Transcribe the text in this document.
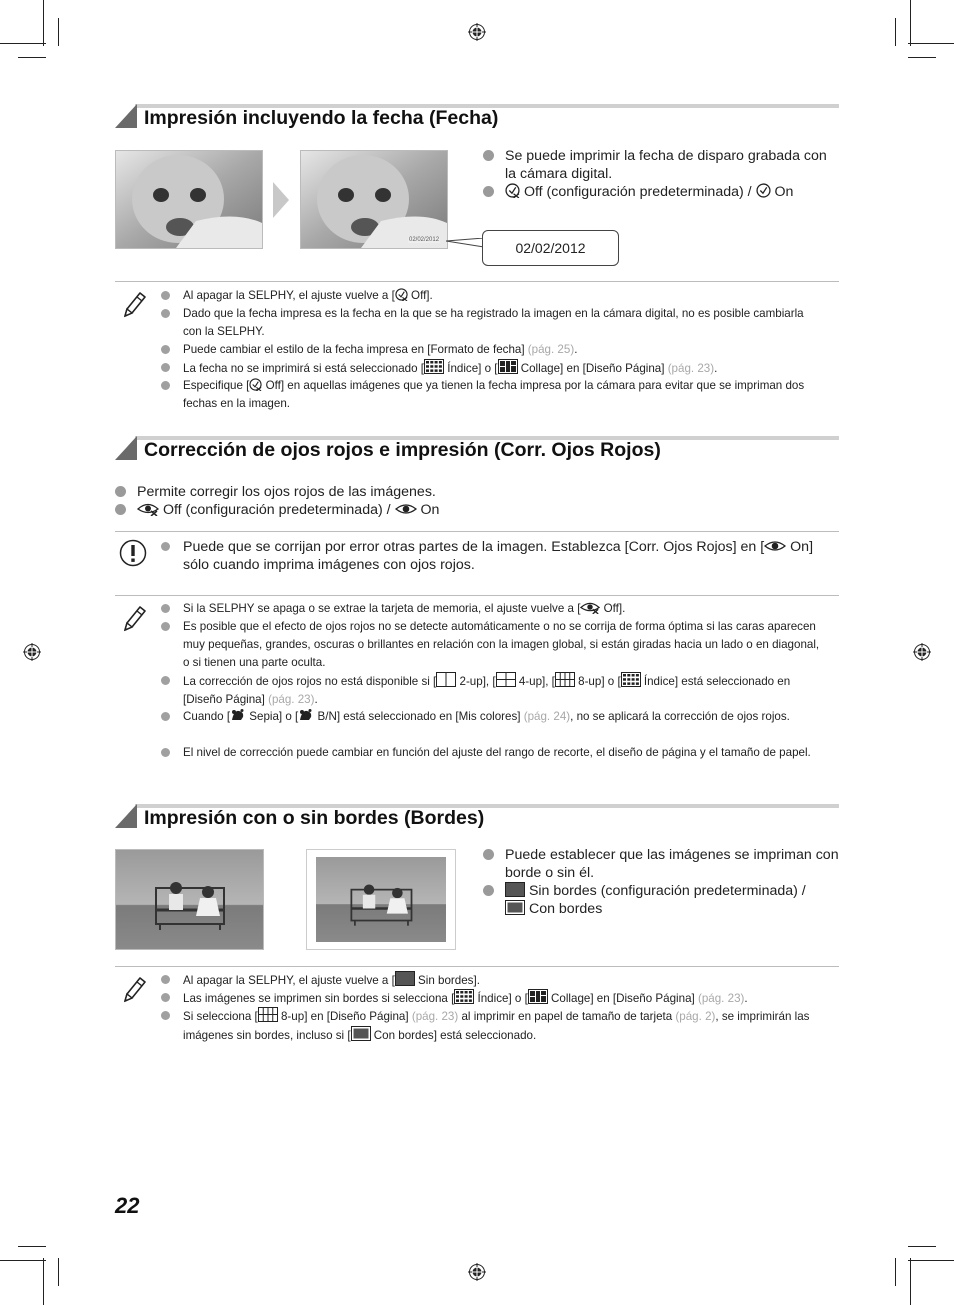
Impresión incluyendo la fecha (Fecha)
02/02/2012	02/02/2012
Se puede imprimir la fecha de disparo grabada con la cámara digital.
Off (configuración predeterminada) /  On
Al apagar la SELPHY, el ajuste vuelve a [ Off].
Dado que la fecha impresa es la fecha en la que se ha registrado la imagen en la cámara digital, no es posible cambiarla con la SELPHY.
Puede cambiar el estilo de la fecha impresa en [Formato de fecha] (pág. 25).
La fecha no se imprimirá si está seleccionado [ Índice] o [ Collage] en [Diseño Página] (pág. 23).
Especifique [ Off] en aquellas imágenes que ya tienen la fecha impresa por la cámara para evitar que se impriman dos fechas en la imagen.
Corrección de ojos rojos e impresión (Corr. Ojos Rojos)
Permite corregir los ojos rojos de las imágenes.
Off (configuración predeterminada) /  On
Puede que se corrijan por error otras partes de la imagen. Establezca [Corr. Ojos Rojos] en [ On] sólo cuando imprima imágenes con ojos rojos.
Si la SELPHY se apaga o se extrae la tarjeta de memoria, el ajuste vuelve a [ Off].
Es posible que el efecto de ojos rojos no se detecte automáticamente o no se corrija de forma óptima si las caras aparecen muy pequeñas, grandes, oscuras o brillantes en relación con la imagen global, si están giradas hacia un lado o en diagonal, o si tienen una parte oculta.
La corrección de ojos rojos no está disponible si [ 2-up], [ 4-up], [ 8-up] o [ Índice] está seleccionado en [Diseño Página] (pág. 23).
Cuando [ Sepia] o [ B/N] está seleccionado en [Mis colores] (pág. 24), no se aplicará la corrección de ojos rojos.
El nivel de corrección puede cambiar en función del ajuste del rango de recorte, el diseño de página y el tamaño de papel.
Impresión con o sin bordes (Bordes)
Puede establecer que las imágenes se impriman con borde o sin él.
Sin bordes (configuración predeterminada) /
Con bordes
Al apagar la SELPHY, el ajuste vuelve a [ Sin bordes].
Las imágenes se imprimen sin bordes si selecciona [ Índice] o [ Collage] en [Diseño Página] (pág. 23).
Si selecciona [ 8-up] en [Diseño Página] (pág. 23) al imprimir en papel de tamaño de tarjeta (pág. 2), se imprimirán las imágenes sin bordes, incluso si [ Con bordes] está seleccionado.
22
